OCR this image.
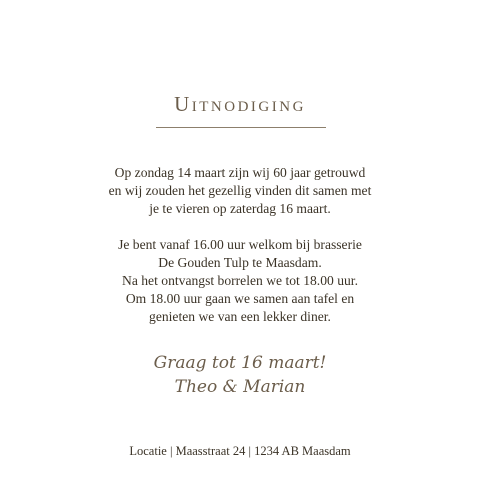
Uitnodiging
Op zondag 14 maart zijn wij 60 jaar getrouwd
en wij zouden het gezellig vinden dit samen met
je te vieren op zaterdag 16 maart.
Je bent vanaf 16.00 uur welkom bij brasserie
De Gouden Tulp te Maasdam.
Na het ontvangst borrelen we tot 18.00 uur.
Om 18.00 uur gaan we samen aan tafel en
genieten we van een lekker diner.
Graag tot 16 maart!
Theo & Marian
Locatie | Maasstraat 24 | 1234 AB Maasdam
